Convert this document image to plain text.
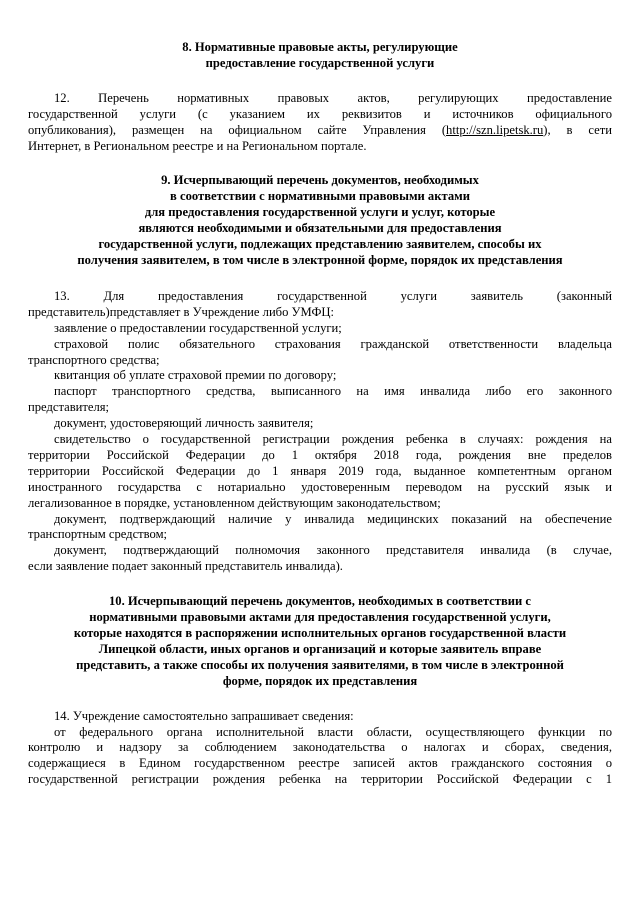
8. Нормативные правовые акты, регулирующие
предоставление государственной услуги

12. Перечень нормативных правовых актов, регулирующих предоставление

государственной услуги (с указанием их реквизитов и источников официального

опубликования), размещен на официальном сайте Управления (http://szn.lipetsk.ru), в сети

Интернет, в Региональном реестре и на Региональном портале.

9. Исчерпывающий перечень документов, необходимых
в соответствии с нормативными правовыми актами
для предоставления государственной услуги и услуг, которые
являются необходимыми и обязательными для предоставления
государственной услуги, подлежащих представлению заявителем, способы их
получения заявителем, в том числе в электронной форме, порядок их представления

13. Для предоставления государственной услуги заявитель (законный

представитель)представляет в Учреждение либо УМФЦ:

заявление о предоставлении государственной услуги;

страховой полис обязательного страхования гражданской ответственности владельца

транспортного средства;

квитанция об уплате страховой премии по договору;

паспорт транспортного средства, выписанного на имя инвалида либо его законного

представителя;

документ, удостоверяющий личность заявителя;

свидетельство о государственной регистрации рождения ребенка в случаях: рождения на

территории Российской Федерации до 1 октября 2018 года, рождения вне пределов

территории Российской Федерации до 1 января 2019 года, выданное компетентным органом

иностранного государства с нотариально удостоверенным переводом на русский язык и

легализованное в порядке, установленном действующим законодательством;

документ, подтверждающий наличие у инвалида медицинских показаний на обеспечение

транспортным средством;

документ, подтверждающий полномочия законного представителя инвалида (в случае,

если заявление подает законный представитель инвалида).

10. Исчерпывающий перечень документов, необходимых в соответствии с
нормативными правовыми актами для предоставления государственной услуги,
которые находятся в распоряжении исполнительных органов государственной власти
Липецкой области, иных органов и организаций и которые заявитель вправе
представить, а также способы их получения заявителями, в том числе в электронной
форме, порядок их представления

14. Учреждение самостоятельно запрашивает сведения:

от федерального органа исполнительной власти области, осуществляющего функции по

контролю и надзору за соблюдением законодательства о налогах и сборах, сведения,

содержащиеся в Едином государственном реестре записей актов гражданского состояния о

государственной регистрации рождения ребенка на территории Российской Федерации с 1
